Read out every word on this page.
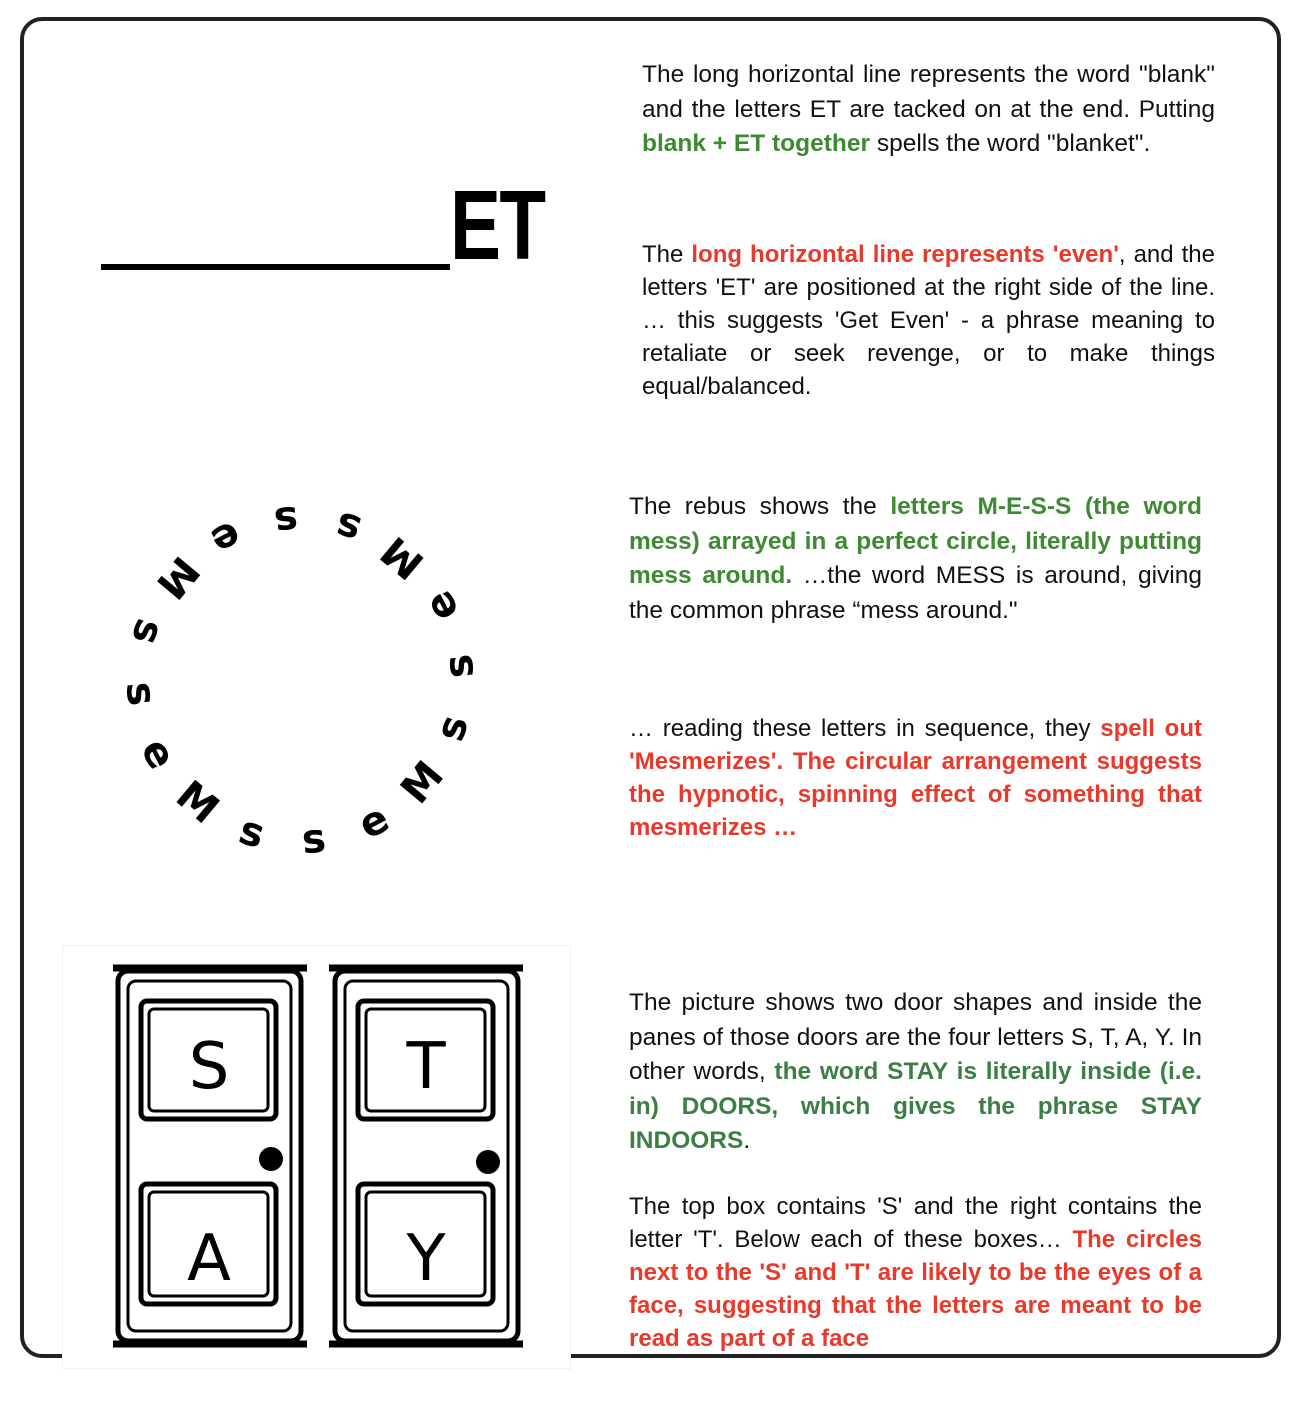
ET
The long horizontal line represents the word "blank" and the letters ET are tacked on at the end. Putting blank + ET together spells the word "blanket".
The long horizontal line represents 'even', and the letters 'ET' are positioned at the right side of the line. … this suggests 'Get Even' - a phrase meaning to retaliate or seek revenge, or to make things equal/balanced.
M
e s s M
e
s
s
M
e
s
s
M
e
s
s
The rebus shows the letters M-E-S-S (the word mess) arrayed in a perfect circle, literally putting mess around. …the word MESS is around, giving the common phrase “mess around."
… reading these letters in sequence, they spell out 'Mesmerizes'. The circular arrangement suggests the hypnotic, spinning effect of something that mesmerizes …
S
A
T
Y
The picture shows two door shapes and inside the panes of those doors are the four letters S, T, A, Y. In other words, the word STAY is literally inside (i.e. in) DOORS, which gives the phrase STAY INDOORS.
The top box contains 'S' and the right contains the letter 'T'. Below each of these boxes… The circles next to the 'S' and 'T' are likely to be the eyes of a face, suggesting that the letters are meant to be read as part of a face
